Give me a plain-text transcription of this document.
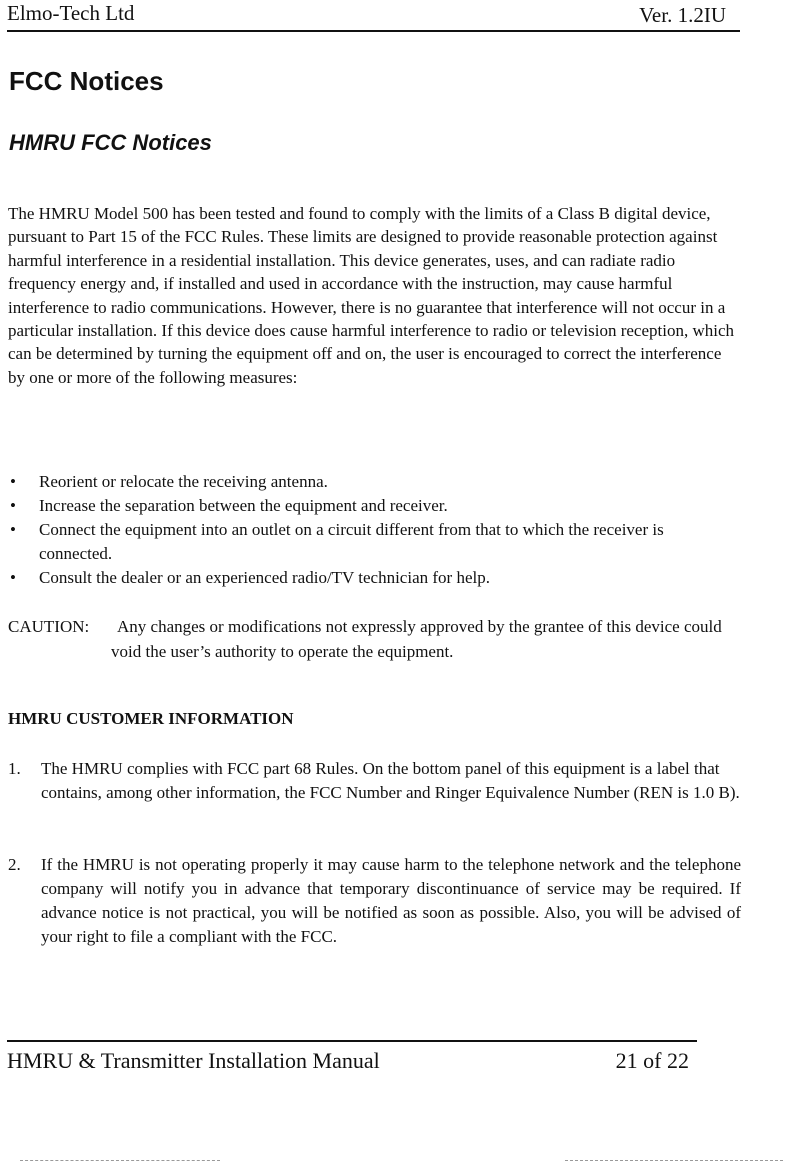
Elmo-Tech Ltd	Ver. 1.2IU
FCC Notices
HMRU FCC Notices

The HMRU Model 500 has been tested and found to comply with the limits of a Class B digital device, pursuant to Part 15 of the FCC Rules. These limits are designed to provide reasonable protection against harmful interference in a residential installation. This device generates, uses, and can radiate radio frequency energy and, if installed and used in accordance with the instruction, may cause harmful interference to radio communications. However, there is no guarantee that interference will not occur in a particular installation. If this device does cause harmful interference to radio or television reception, which can be determined by turning the equipment off and on, the user is encouraged to correct the interference by one or more of the following measures:

• Reorient or relocate the receiving antenna.
• Increase the separation between the equipment and receiver.
• Connect the equipment into an outlet on a circuit different from that to which the receiver is connected.
• Consult the dealer or an experienced radio/TV technician for help.
CAUTION:	Any changes or modifications not expressly approved by the grantee of this device could void the user’s authority to operate the equipment.
HMRU CUSTOMER INFORMATION
1. The HMRU complies with FCC part 68 Rules. On the bottom panel of this equipment is a label that contains, among other information, the FCC Number and Ringer Equivalence Number (REN is 1.0 B).
2. If the HMRU is not operating properly it may cause harm to the telephone network and the telephone company will notify you in advance that temporary discontinuance of service may be required. If advance notice is not practical, you will be notified as soon as possible. Also, you will be advised of your right to file a compliant with the FCC.
HMRU & Transmitter Installation Manual	21 of 22
